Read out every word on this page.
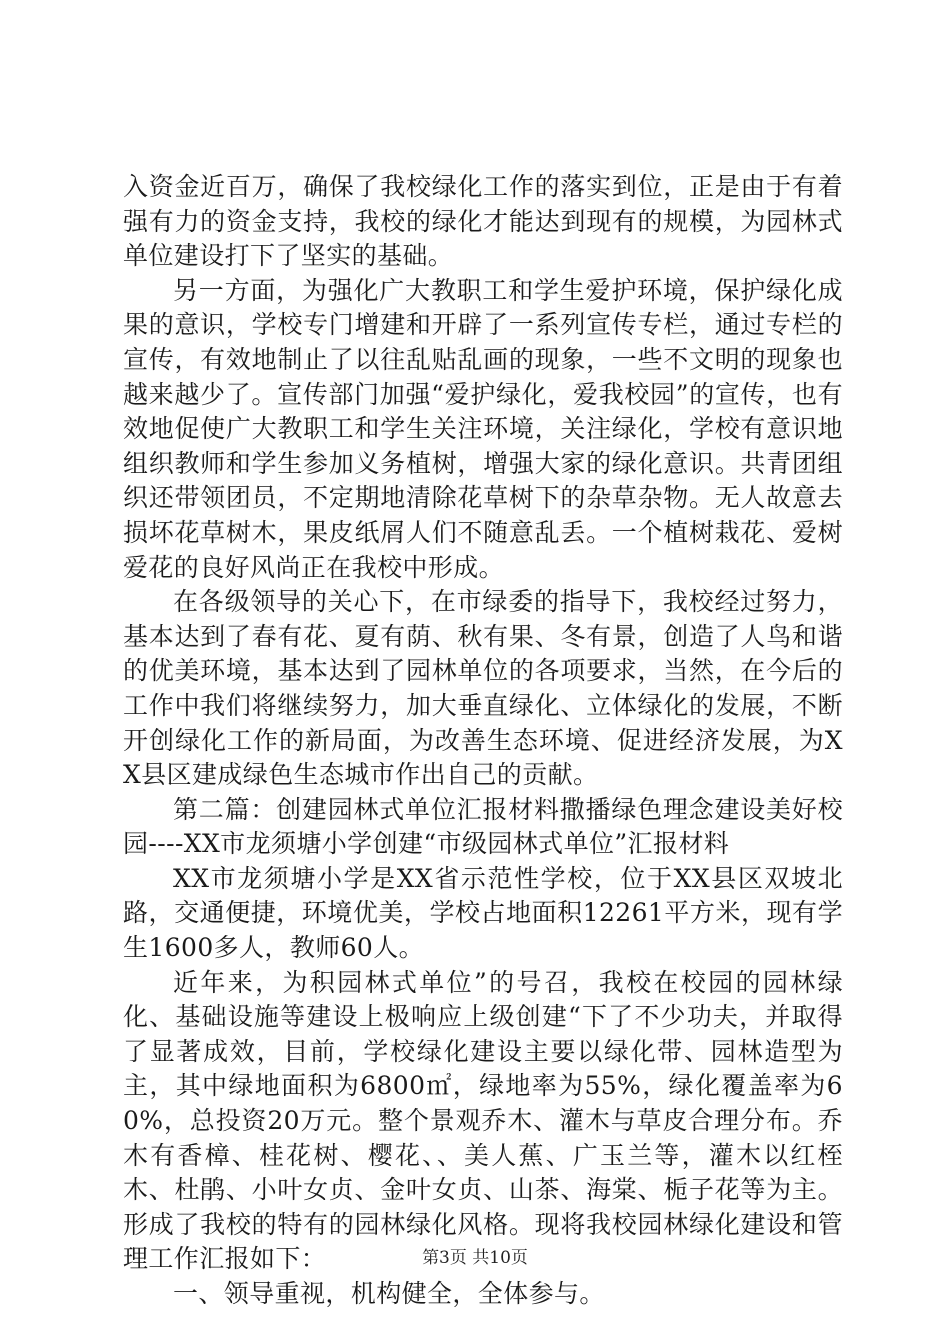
入资金近百万，确保了我校绿化工作的落实到位，正是由于有着强有力的资金支持，我校的绿化才能达到现有的规模，为园林式单位建设打下了坚实的基础。

另一方面，为强化广大教职工和学生爱护环境，保护绿化成果的意识，学校专门增建和开辟了一系列宣传专栏，通过专栏的宣传，有效地制止了以往乱贴乱画的现象，一些不文明的现象也越来越少了。宣传部门加强“爱护绿化，爱我校园”的宣传，也有效地促使广大教职工和学生关注环境，关注绿化，学校有意识地组织教师和学生参加义务植树，增强大家的绿化意识。共青团组织还带领团员，不定期地清除花草树下的杂草杂物。无人故意去损坏花草树木，果皮纸屑人们不随意乱丢。一个植树栽花、爱树爱花的良好风尚正在我校中形成。

在各级领导的关心下，在市绿委的指导下，我校经过努力，基本达到了春有花、夏有荫、秋有果、冬有景，创造了人鸟和谐的优美环境，基本达到了园林单位的各项要求，当然，在今后的工作中我们将继续努力，加大垂直绿化、立体绿化的发展，不断开创绿化工作的新局面，为改善生态环境、促进经济发展，为XX县区建成绿色生态城市作出自己的贡献。

第二篇：创建园林式单位汇报材料撒播绿色理念建设美好校园----XX市龙须塘小学创建“市级园林式单位”汇报材料

XX市龙须塘小学是XX省示范性学校，位于XX县区双坡北路，交通便捷，环境优美，学校占地面积12261平方米，现有学生1600多人，教师60人。

近年来，为积园林式单位”的号召，我校在校园的园林绿化、基础设施等建设上极响应上级创建“下了不少功夫，并取得了显著成效，目前，学校绿化建设主要以绿化带、园林造型为主，其中绿地面积为6800㎡，绿地率为55%，绿化覆盖率为60%，总投资20万元。整个景观乔木、灌木与草皮合理分布。乔木有香樟、桂花树、樱花、、美人蕉、广玉兰等，灌木以红桎木、杜鹃、小叶女贞、金叶女贞、山茶、海棠、栀子花等为主。形成了我校的特有的园林绿化风格。现将我校园林绿化建设和管理工作汇报如下：

一、领导重视，机构健全，全体参与。

第3页 共10页
